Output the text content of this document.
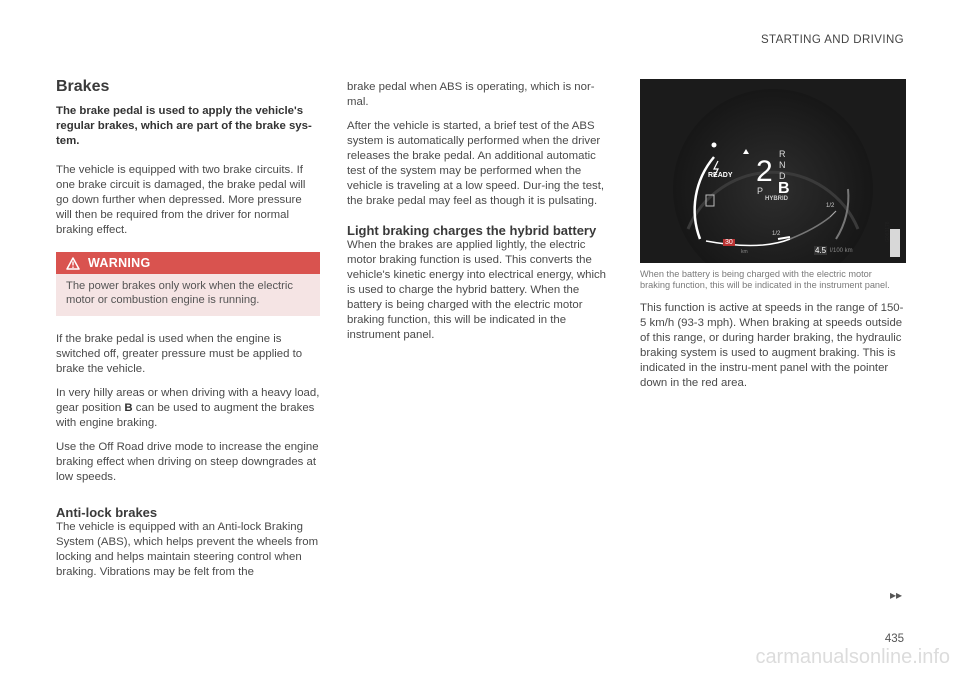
STARTING AND DRIVING
Brakes

The brake pedal is used to apply the vehicle's regular brakes, which are part of the brake sys-tem.

The vehicle is equipped with two brake circuits. If one brake circuit is damaged, the brake pedal will go down further when depressed. More pressure will then be required from the driver for normal braking effect.

WARNING
The power brakes only work when the electric motor or combustion engine is running.

If the brake pedal is used when the engine is switched off, greater pressure must be applied to brake the vehicle.

In very hilly areas or when driving with a heavy load, gear position B can be used to augment the brakes with engine braking.

Use the Off Road drive mode to increase the engine braking effect when driving on steep downgrades at low speeds.

Anti-lock brakes

The vehicle is equipped with an Anti-lock Braking System (ABS), which helps prevent the wheels from locking and helps maintain steering control when braking. Vibrations may be felt from the

brake pedal when ABS is operating, which is nor-mal.

After the vehicle is started, a brief test of the ABS system is automatically performed when the driver releases the brake pedal. An additional automatic test of the system may be performed when the vehicle is traveling at a low speed. Dur-ing the test, the brake pedal may feel as though it is pulsating.

Light braking charges the hybrid battery

When the brakes are applied lightly, the electric motor braking function is used. This converts the vehicle's kinetic energy into electrical energy, which is used to charge the hybrid battery. When the battery is being charged with the electric motor braking function, this will be indicated in the instrument panel.

READY 2
P
R
N
D
B
HYBRID
30
km	4.5 l/100 km
1/2
1/2	G063178

When the battery is being charged with the electric motor braking function, this will be indicated in the instrument panel.

This function is active at speeds in the range of 150-5 km/h (93-3 mph). When braking at speeds outside of this range, or during harder braking, the hydraulic braking system is used to augment braking. This is indicated in the instru-ment panel with the pointer down in the red area.

▸▸
435
carmanualsonline.info
